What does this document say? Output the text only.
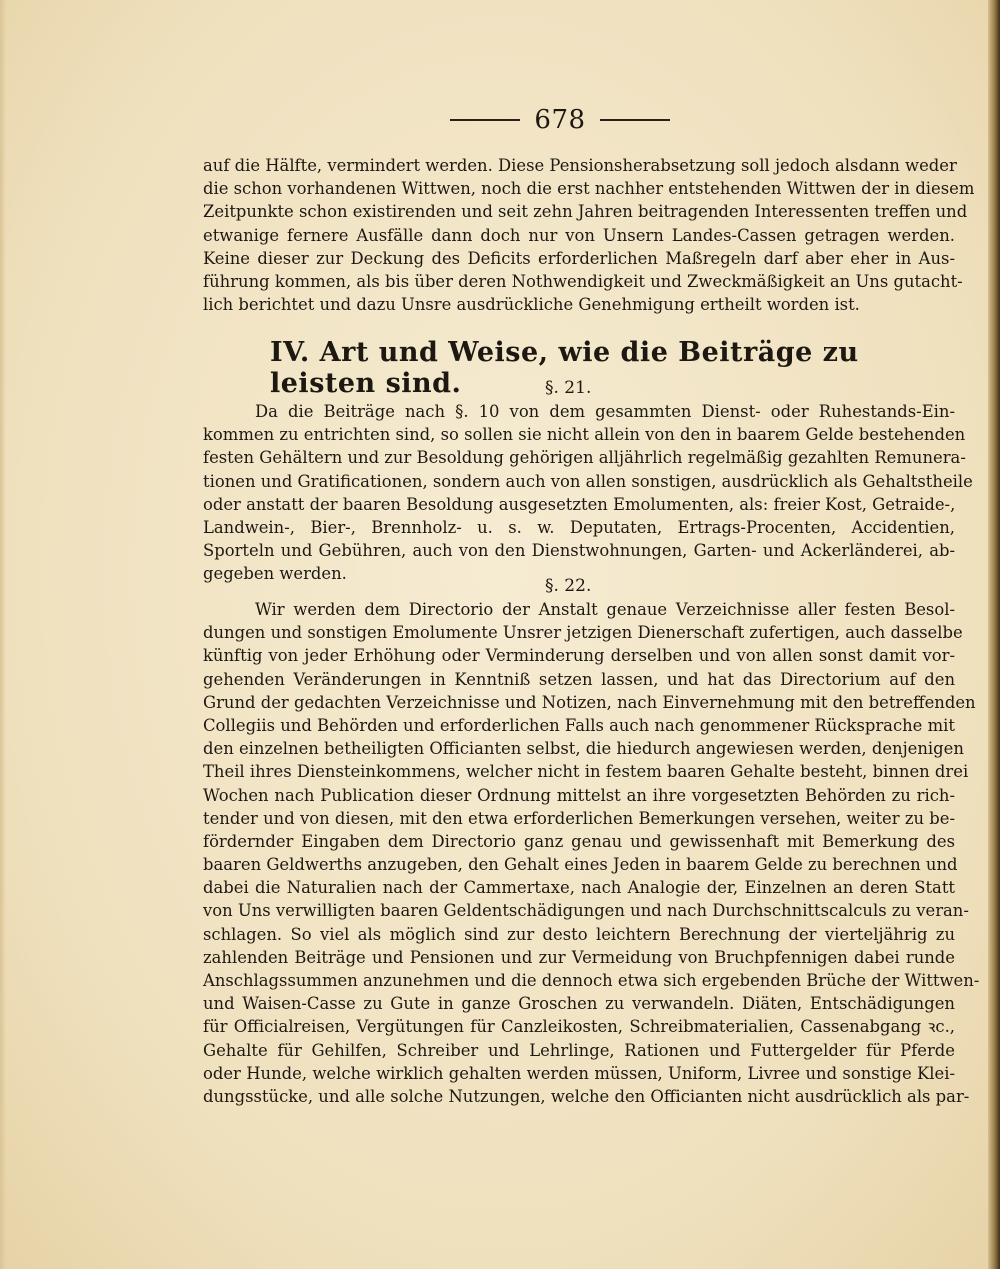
678
auf die Hälfte, vermindert werden. Diese Pensionsherabsetzung soll jedoch alsdann weder
die schon vorhandenen Wittwen, noch die erst nachher entstehenden Wittwen der in diesem
Zeitpunkte schon existirenden und seit zehn Jahren beitragenden Interessenten treffen und
etwanige fernere Ausfälle dann doch nur von Unsern Landes-Cassen getragen werden.
Keine dieser zur Deckung des Deficits erforderlichen Maßregeln darf aber eher in Aus-
führung kommen, als bis über deren Nothwendigkeit und Zweckmäßigkeit an Uns gutacht-
lich berichtet und dazu Unsre ausdrückliche Genehmigung ertheilt worden ist.
IV. Art und Weise, wie die Beiträge zu leisten sind.	§. 21.
Da die Beiträge nach §. 10 von dem gesammten Dienst- oder Ruhestands-Ein-
kommen zu entrichten sind, so sollen sie nicht allein von den in baarem Gelde bestehenden
festen Gehältern und zur Besoldung gehörigen alljährlich regelmäßig gezahlten Remunera-
tionen und Gratificationen, sondern auch von allen sonstigen, ausdrücklich als Gehaltstheile
oder anstatt der baaren Besoldung ausgesetzten Emolumenten, als: freier Kost, Getraide-,
Landwein-, Bier-, Brennholz- u. s. w. Deputaten, Ertrags-Procenten, Accidentien,
Sporteln und Gebühren, auch von den Dienstwohnungen, Garten- und Ackerländerei, ab-
gegeben werden.
§. 22.
Wir werden dem Directorio der Anstalt genaue Verzeichnisse aller festen Besol-
dungen und sonstigen Emolumente Unsrer jetzigen Dienerschaft zufertigen, auch dasselbe
künftig von jeder Erhöhung oder Verminderung derselben und von allen sonst damit vor-
gehenden Veränderungen in Kenntniß setzen lassen, und hat das Directorium auf den
Grund der gedachten Verzeichnisse und Notizen, nach Einvernehmung mit den betreffenden
Collegiis und Behörden und erforderlichen Falls auch nach genommener Rücksprache mit
den einzelnen betheiligten Officianten selbst, die hiedurch angewiesen werden, denjenigen
Theil ihres Diensteinkommens, welcher nicht in festem baaren Gehalte besteht, binnen drei
Wochen nach Publication dieser Ordnung mittelst an ihre vorgesetzten Behörden zu rich-
tender und von diesen, mit den etwa erforderlichen Bemerkungen versehen, weiter zu be-
fördernder Eingaben dem Directorio ganz genau und gewissenhaft mit Bemerkung des
baaren Geldwerths anzugeben, den Gehalt eines Jeden in baarem Gelde zu berechnen und
dabei die Naturalien nach der Cammertaxe, nach Analogie der, Einzelnen an deren Statt
von Uns verwilligten baaren Geldentschädigungen und nach Durchschnittscalculs zu veran-
schlagen. So viel als möglich sind zur desto leichtern Berechnung der vierteljährig zu
zahlenden Beiträge und Pensionen und zur Vermeidung von Bruchpfennigen dabei runde
Anschlagssummen anzunehmen und die dennoch etwa sich ergebenden Brüche der Wittwen-
und Waisen-Casse zu Gute in ganze Groschen zu verwandeln. Diäten, Entschädigungen
für Officialreisen, Vergütungen für Canzleikosten, Schreibmaterialien, Cassenabgang ꝛc.,
Gehalte für Gehilfen, Schreiber und Lehrlinge, Rationen und Futtergelder für Pferde
oder Hunde, welche wirklich gehalten werden müssen, Uniform, Livree und sonstige Klei-
dungsstücke, und alle solche Nutzungen, welche den Officianten nicht ausdrücklich als par-
